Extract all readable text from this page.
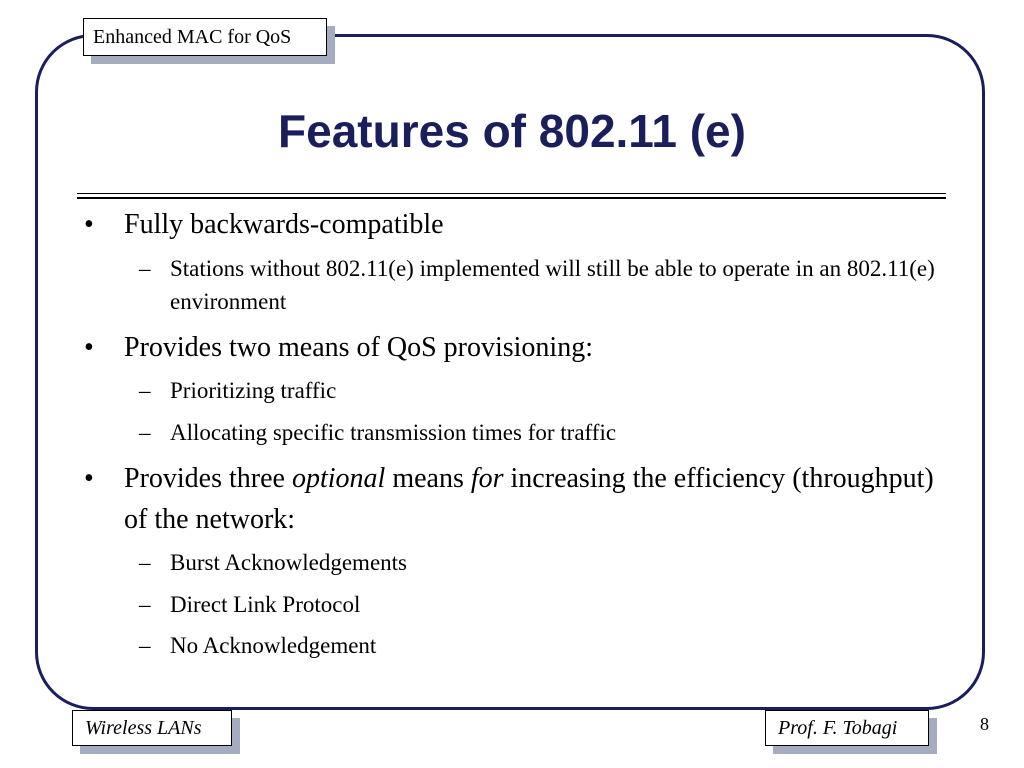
Enhanced MAC for QoS
Features of 802.11 (e)

• Fully backwards-compatible

– Stations without 802.11(e) implemented will still be able to operate in an 802.11(e) environment

• Provides two means of QoS provisioning:

– Prioritizing traffic

– Allocating specific transmission times for traffic

• Provides three optional means for increasing the efficiency (throughput) of the network:

– Burst Acknowledgements

– Direct Link Protocol

– No Acknowledgement

Wireless LANs	Prof. F. Tobagi	8
